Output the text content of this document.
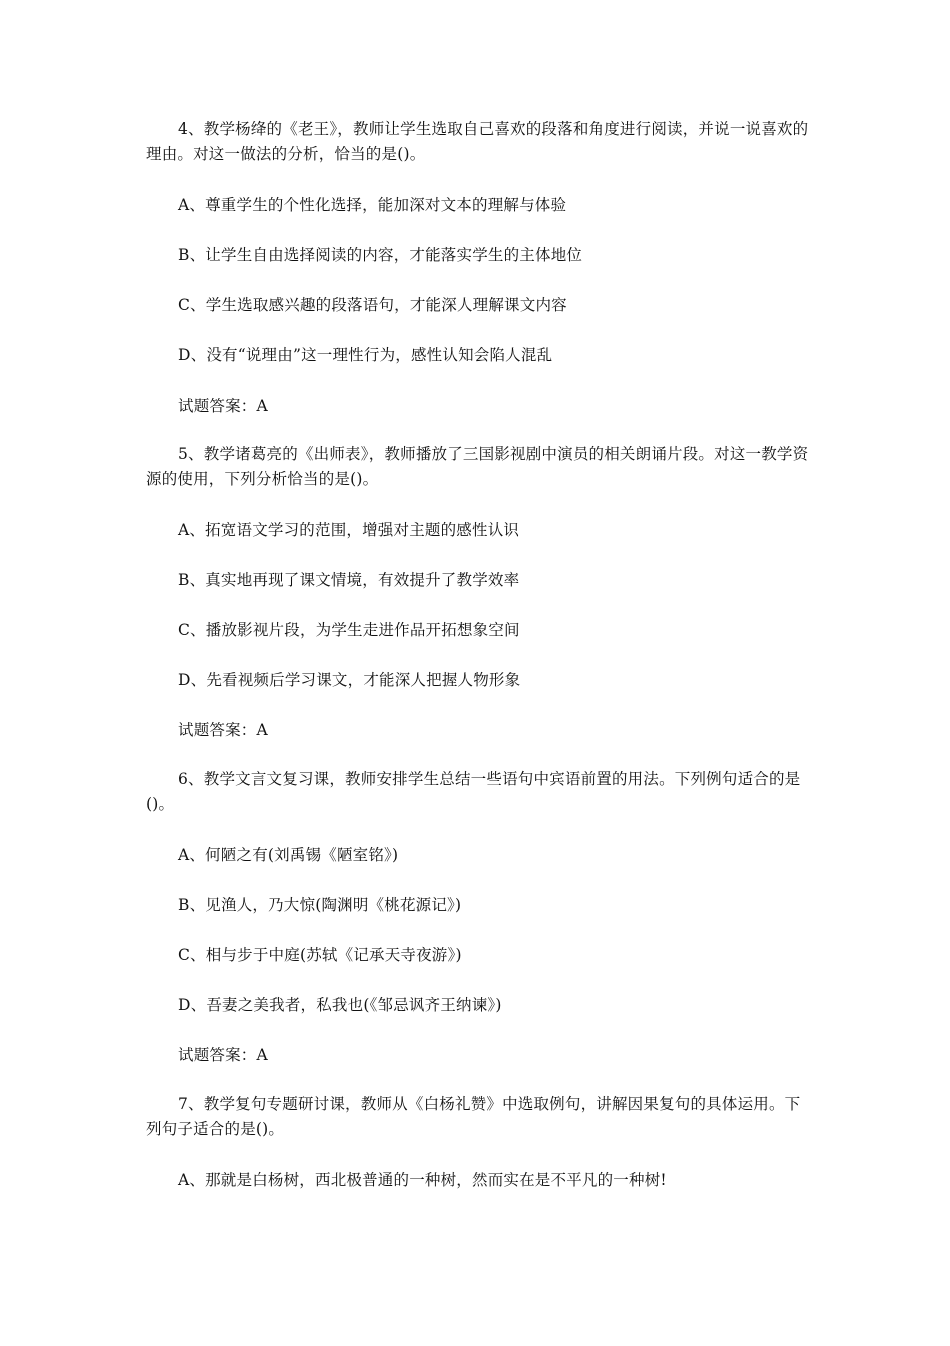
4、教学杨绛的《老王》，教师让学生选取自己喜欢的段落和角度进行阅读，并说一说喜欢的理由。对这一做法的分析，恰当的是()。
A、尊重学生的个性化选择，能加深对文本的理解与体验
B、让学生自由选择阅读的内容，才能落实学生的主体地位
C、学生选取感兴趣的段落语句，才能深人理解课文内容
D、没有“说理由”这一理性行为，感性认知会陷人混乱
试题答案：A
5、教学诸葛亮的《出师表》，教师播放了三国影视剧中演员的相关朗诵片段。对这一教学资源的使用，下列分析恰当的是()。
A、拓宽语文学习的范围，增强对主题的感性认识
B、真实地再现了课文情境，有效提升了教学效率
C、播放影视片段，为学生走进作品开拓想象空间
D、先看视频后学习课文，才能深人把握人物形象
试题答案：A
6、教学文言文复习课，教师安排学生总结一些语句中宾语前置的用法。下列例句适合的是()。
A、何陋之有(刘禹锡《陋室铭》)
B、见渔人，乃大惊(陶渊明《桃花源记》)
C、相与步于中庭(苏轼《记承天寺夜游》)
D、吾妻之美我者，私我也(《邹忌讽齐王纳谏》)
试题答案：A
7、教学复句专题研讨课，教师从《白杨礼赞》中选取例句，讲解因果复句的具体运用。下列句子适合的是()。
A、那就是白杨树，西北极普通的一种树，然而实在是不平凡的一种树!
